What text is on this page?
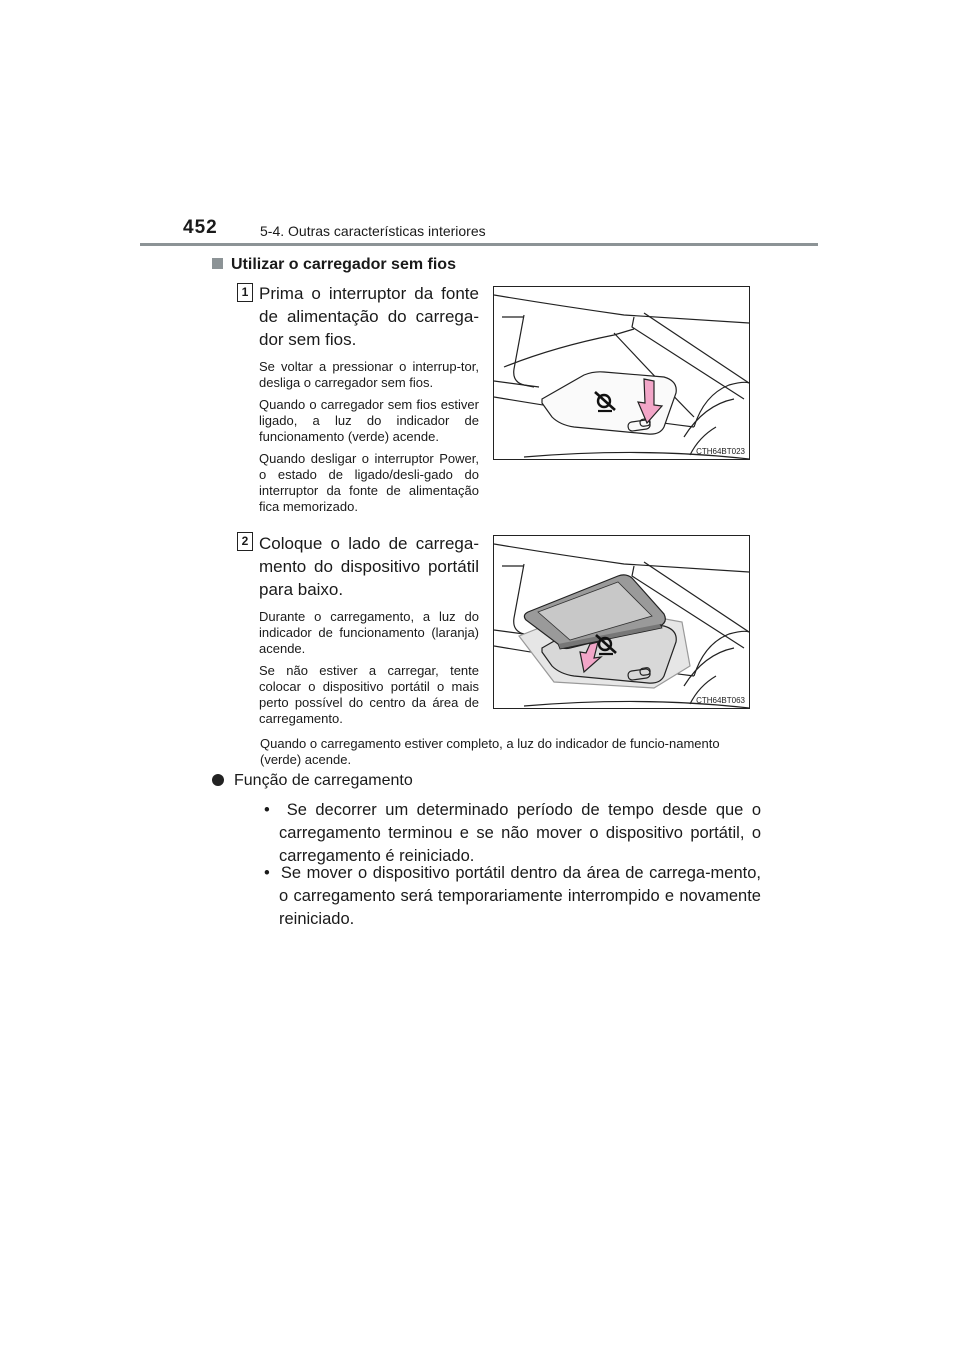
452	5-4. Outras características interiores
Utilizar o carregador sem fios
1 Prima o interruptor da fonte de alimentação do carrega-dor sem fios.
Se voltar a pressionar o interrup-tor, desliga o carregador sem fios.
Quando o carregador sem fios estiver ligado, a luz do indicador de funcionamento (verde) acende.
Quando desligar o interruptor Power, o estado de ligado/desli-gado do interruptor da fonte de alimentação fica memorizado.
CTH64BT023
2 Coloque o lado de carrega-mento do dispositivo portátil para baixo.
Durante o carregamento, a luz do indicador de funcionamento (laranja) acende.
Se não estiver a carregar, tente colocar o dispositivo portátil o mais perto possível do centro da área de carregamento.
CTH64BT063
Quando o carregamento estiver completo, a luz do indicador de funcio-namento (verde) acende.
Função de carregamento
•  Se decorrer um determinado período de tempo desde que o carregamento terminou e se não mover o dispositivo portátil, o carregamento é reiniciado.
•  Se mover o dispositivo portátil dentro da área de carrega-mento, o carregamento será temporariamente interrompido e novamente reiniciado.
